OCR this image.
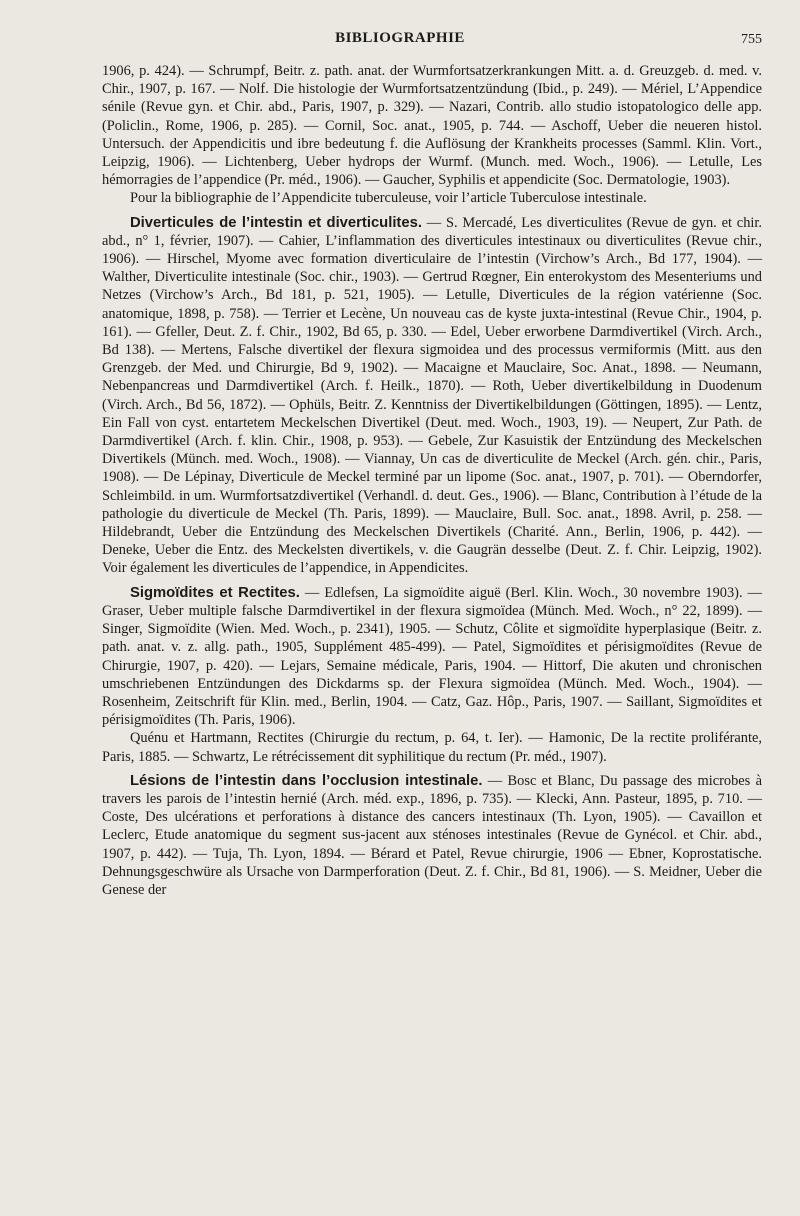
BIBLIOGRAPHIE	755

1906, p. 424). — Schrumpf, Beitr. z. path. anat. der Wurmfortsatzerkrankungen Mitt. a. d. Greuzgeb. d. med. v. Chir., 1907, p. 167. — Nolf. Die histologie der Wurmfortsatzentzündung (Ibid., p. 249). — Mériel, L’Appendice sénile (Revue gyn. et Chir. abd., Paris, 1907, p. 329). — Nazari, Contrib. allo studio istopatologico delle app. (Policlin., Rome, 1906, p. 285). — Cornil, Soc. anat., 1905, p. 744. — Aschoff, Ueber die neueren histol. Untersuch. der Appendicitis und ibre bedeutung f. die Auflösung der Krankheits processes (Samml. Klin. Vort., Leipzig, 1906). — Lichtenberg, Ueber hydrops der Wurmf. (Munch. med. Woch., 1906). — Letulle, Les hémorragies de l’appendice (Pr. méd., 1906). — Gaucher, Syphilis et appendicite (Soc. Dermatologie, 1903).

Pour la bibliographie de l’Appendicite tuberculeuse, voir l’article Tuberculose intestinale.

Diverticules de l’intestin et diverticulites. — S. Mercadé, Les diverticulites (Revue de gyn. et chir. abd., n° 1, février, 1907). — Cahier, L’inflammation des diverticules intestinaux ou diverticulites (Revue chir., 1906). — Hirschel, Myome avec formation diverticulaire de l’intestin (Virchow’s Arch., Bd 177, 1904). — Walther, Diverticulite intestinale (Soc. chir., 1903). — Gertrud Rœgner, Ein enterokystom des Mesenteriums und Netzes (Virchow’s Arch., Bd 181, p. 521, 1905). — Letulle, Diverticules de la région vatérienne (Soc. anatomique, 1898, p. 758). — Terrier et Lecène, Un nouveau cas de kyste juxta-intestinal (Revue Chir., 1904, p. 161). — Gfeller, Deut. Z. f. Chir., 1902, Bd 65, p. 330. — Edel, Ueber erworbene Darmdivertikel (Virch. Arch., Bd 138). — Mertens, Falsche divertikel der flexura sigmoidea und des processus vermiformis (Mitt. aus den Grenzgeb. der Med. und Chirurgie, Bd 9, 1902). — Macaigne et Mauclaire, Soc. Anat., 1898. — Neumann, Nebenpancreas und Darmdivertikel (Arch. f. Heilk., 1870). — Roth, Ueber divertikelbildung in Duodenum (Virch. Arch., Bd 56, 1872). — Ophüls, Beitr. Z. Kenntniss der Divertikelbildungen (Göttingen, 1895). — Lentz, Ein Fall von cyst. entartetem Meckelschen Divertikel (Deut. med. Woch., 1903, 19). — Neupert, Zur Path. de Darmdivertikel (Arch. f. klin. Chir., 1908, p. 953). — Gebele, Zur Kasuistik der Entzündung des Meckelschen Divertikels (Münch. med. Woch., 1908). — Viannay, Un cas de diverticulite de Meckel (Arch. gén. chir., Paris, 1908). — De Lépinay, Diverticule de Meckel terminé par un lipome (Soc. anat., 1907, p. 701). — Oberndorfer, Schleimbild. in um. Wurmfortsatzdivertikel (Verhandl. d. deut. Ges., 1906). — Blanc, Contribution à l’étude de la pathologie du diverticule de Meckel (Th. Paris, 1899). — Mauclaire, Bull. Soc. anat., 1898. Avril, p. 258. — Hildebrandt, Ueber die Entzündung des Meckelschen Divertikels (Charité. Ann., Berlin, 1906, p. 442). — Deneke, Ueber die Entz. des Meckelsten divertikels, v. die Gaugrän desselbe (Deut. Z. f. Chir. Leipzig, 1902). Voir également les diverticules de l’appendice, in Appendicites.

Sigmoïdites et Rectites. — Edlefsen, La sigmoïdite aiguë (Berl. Klin. Woch., 30 novembre 1903). — Graser, Ueber multiple falsche Darmdivertikel in der flexura sigmoïdea (Münch. Med. Woch., n° 22, 1899). — Singer, Sigmoïdite (Wien. Med. Woch., p. 2341), 1905. — Schutz, Côlite et sigmoïdite hyperplasique (Beitr. z. path. anat. v. z. allg. path., 1905, Supplément 485-499). — Patel, Sigmoïdites et périsigmoïdites (Revue de Chirurgie, 1907, p. 420). — Lejars, Semaine médicale, Paris, 1904. — Hittorf, Die akuten und chronischen umschriebenen Entzündungen des Dickdarms sp. der Flexura sigmoïdea (Münch. Med. Woch., 1904). — Rosenheim, Zeitschrift für Klin. med., Berlin, 1904. — Catz, Gaz. Hôp., Paris, 1907. — Saillant, Sigmoïdites et périsigmoïdites (Th. Paris, 1906).

Quénu et Hartmann, Rectites (Chirurgie du rectum, p. 64, t. Ier). — Hamonic, De la rectite proliférante, Paris, 1885. — Schwartz, Le rétrécissement dit syphilitique du rectum (Pr. méd., 1907).

Lésions de l’intestin dans l’occlusion intestinale. — Bosc et Blanc, Du passage des microbes à travers les parois de l’intestin hernié (Arch. méd. exp., 1896, p. 735). — Klecki, Ann. Pasteur, 1895, p. 710. — Coste, Des ulcérations et perforations à distance des cancers intestinaux (Th. Lyon, 1905). — Cavaillon et Leclerc, Etude anatomique du segment sus-jacent aux sténoses intestinales (Revue de Gynécol. et Chir. abd., 1907, p. 442). — Tuja, Th. Lyon, 1894. — Bérard et Patel, Revue chirurgie, 1906 — Ebner, Koprostatische. Dehnungsgeschwüre als Ursache von Darmperforation (Deut. Z. f. Chir., Bd 81, 1906). — S. Meidner, Ueber die Genese der
